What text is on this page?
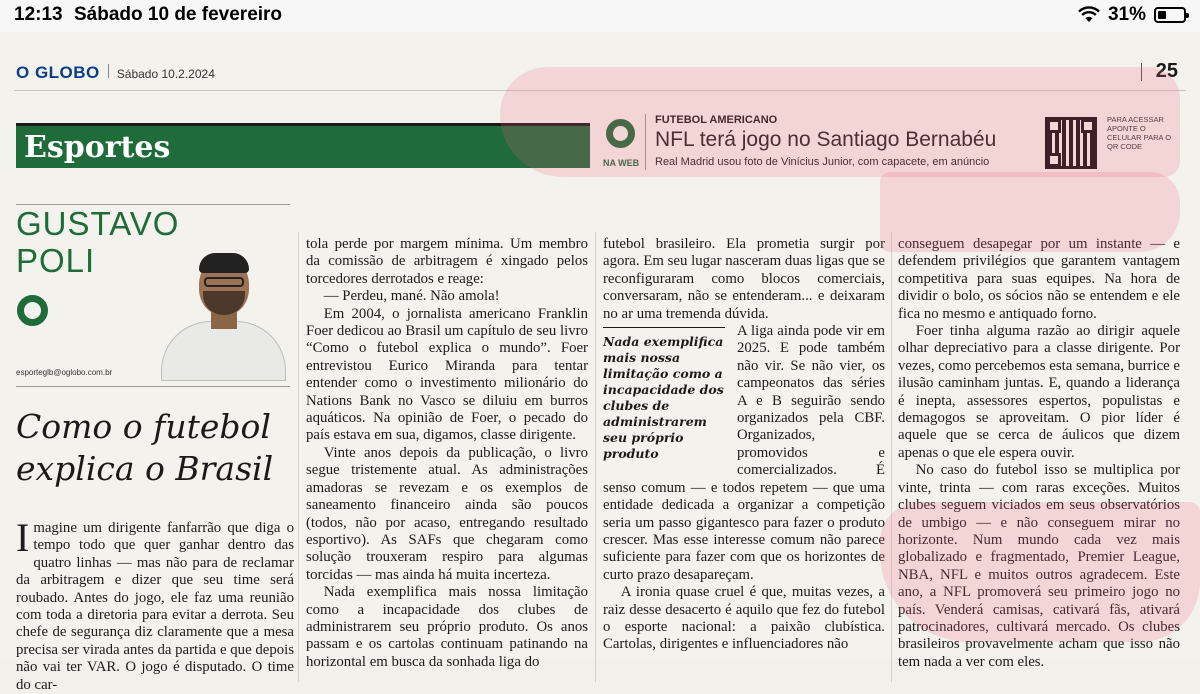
12:13 Sábado 10 de fevereiro	31%
O GLOBO Sábado 10.2.2024	25
Esportes	NA WEB
FUTEBOL AMERICANO
NFL terá jogo no Santiago Bernabéu
Real Madrid usou foto de Vinícius Junior, com capacete, em anúncio
PARA ACESSAR APONTE O CELULAR PARA O QR CODE
GUSTAVO
POLI
esporteglb@oglobo.com.br
Como o futebol
explica o Brasil

Imagine um dirigente fanfarrão que diga o tempo todo que quer ganhar dentro das quatro linhas — mas não para de reclamar da arbitragem e dizer que seu time será roubado. Antes do jogo, ele faz uma reunião com toda a diretoria para evitar a derrota. Seu chefe de segurança diz claramente que a mesa precisa ser virada antes da partida e que depois não vai ter VAR. O jogo é disputado. O time do car-

tola perde por margem mínima. Um membro da comissão de arbitragem é xingado pelos torcedores derrotados e reage:

— Perdeu, mané. Não amola!

Em 2004, o jornalista americano Franklin Foer dedicou ao Brasil um capítulo de seu livro “Como o futebol explica o mundo”. Foer entrevistou Eurico Miranda para tentar entender como o investimento milionário do Nations Bank no Vasco se diluiu em burros aquáticos. Na opinião de Foer, o pecado do país estava em sua, digamos, classe dirigente.

Vinte anos depois da publicação, o livro segue tristemente atual. As administrações amadoras se revezam e os exemplos de saneamento financeiro ainda são poucos (todos, não por acaso, entregando resultado esportivo). As SAFs que chegaram como solução trouxeram respiro para algumas torcidas — mas ainda há muita incerteza.

Nada exemplifica mais nossa limitação como a incapacidade dos clubes de administrarem seu próprio produto. Os anos passam e os cartolas continuam patinando na horizontal em busca da sonhada liga do

futebol brasileiro. Ela prometia surgir por agora. Em seu lugar nasceram duas ligas que se reconfiguraram como blocos comerciais, conversaram, não se entenderam... e deixaram no ar uma tremenda dúvida.

Nada exemplifica mais nossa limitação como a incapacidade dos clubes de administrarem seu próprio produto

A liga ainda pode vir em 2025. E pode também não vir. Se não vier, os campeonatos das séries A e B seguirão sendo organizados pela CBF. Organizados, promovidos e comercializados. É senso comum — e todos repetem — que uma entidade dedicada a organizar a competição seria um passo gigantesco para fazer o produto crescer. Mas esse interesse comum não parece suficiente para fazer com que os horizontes de curto prazo desapareçam.

A ironia quase cruel é que, muitas vezes, a raiz desse desacerto é aquilo que fez do futebol o esporte nacional: a paixão clubística. Cartolas, dirigentes e influenciadores não

conseguem desapegar por um instante — e defendem privilégios que garantem vantagem competitiva para suas equipes. Na hora de dividir o bolo, os sócios não se entendem e ele fica no mesmo e antiquado forno.

Foer tinha alguma razão ao dirigir aquele olhar depreciativo para a classe dirigente. Por vezes, como percebemos esta semana, burrice e ilusão caminham juntas. E, quando a liderança é inepta, assessores espertos, populistas e demagogos se aproveitam. O pior líder é aquele que se cerca de áulicos que dizem apenas o que ele espera ouvir.

No caso do futebol isso se multiplica por vinte, trinta — com raras exceções. Muitos clubes seguem viciados em seus observatórios de umbigo — e não conseguem mirar no horizonte. Num mundo cada vez mais globalizado e fragmentado, Premier League, NBA, NFL e muitos outros agradecem. Este ano, a NFL promoverá seu primeiro jogo no país. Venderá camisas, cativará fãs, ativará patrocinadores, cultivará mercado. Os clubes brasileiros provavelmente acham que isso não tem nada a ver com eles.
